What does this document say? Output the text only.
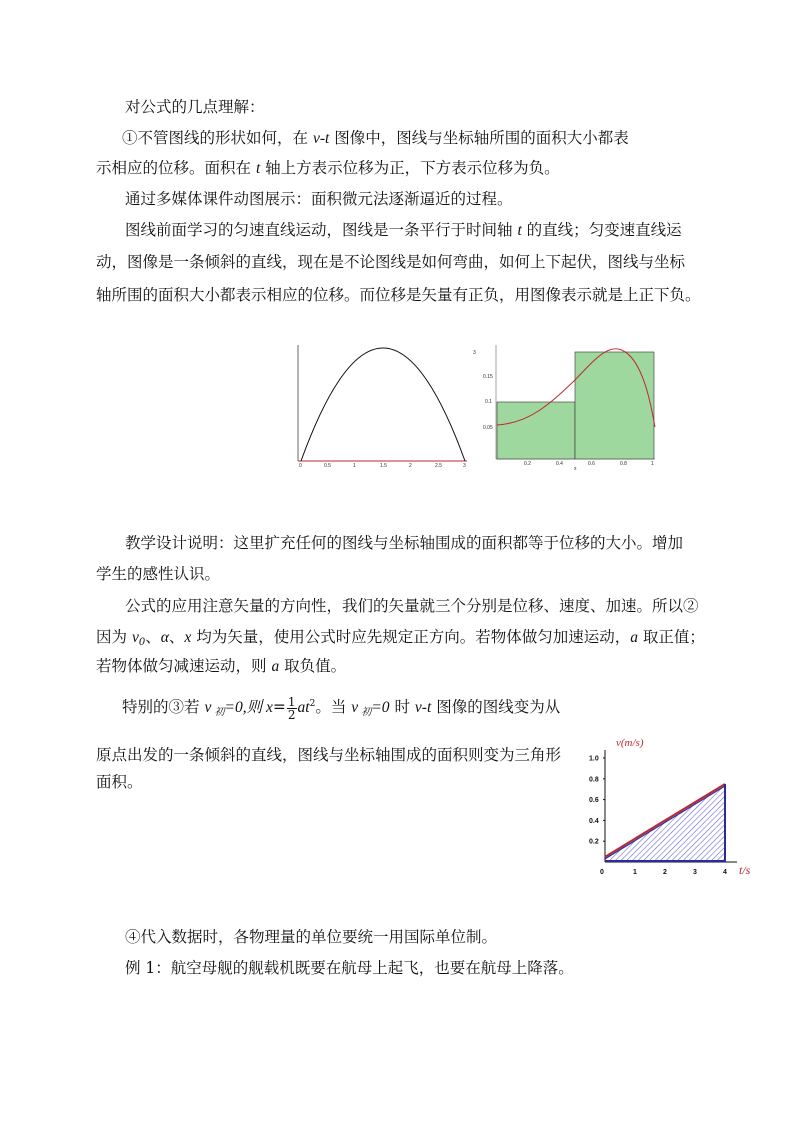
对公式的几点理解：
①不管图线的形状如何，在 v-t 图像中，图线与坐标轴所围的面积大小都表
示相应的位移。面积在 t 轴上方表示位移为正，下方表示位移为负。
通过多媒体课件动图展示：面积微元法逐渐逼近的过程。
图线前面学习的匀速直线运动，图线是一条平行于时间轴 t 的直线；匀变速直线运
动，图像是一条倾斜的直线，现在是不论图线是如何弯曲，如何上下起伏，图线与坐标
轴所围的面积大小都表示相应的位移。而位移是矢量有正负，用图像表示就是上正下负。
0	0.5	1	1.5	2	2.5	3
3
0.15
0.1
0.05
0.2	0.4	0.6	0.8	1
x
教学设计说明：这里扩充任何的图线与坐标轴围成的面积都等于位移的大小。增加
学生的感性认识。
公式的应用注意矢量的方向性，我们的矢量就三个分别是位移、速度、加速。所以②
因为 $v_0$、α、x 均为矢量，使用公式时应先规定正方向。若物体做匀加速运动，a 取正值；
若物体做匀减速运动，则 a 取负值。
特别的③若 v $_初$=0,则 $x= \frac{1}{2} at^2$。当 v $_初$=0 时 v-t 图像的图线变为从
原点出发的一条倾斜的直线，图线与坐标轴围成的面积则变为三角形
面积。
0.2
0.4
0.6
0.8
1.0
0	1	2	3	4
v(m/s)
t/s
④代入数据时，各物理量的单位要统一用国际单位制。
例 1：航空母舰的舰载机既要在航母上起飞，也要在航母上降落。
